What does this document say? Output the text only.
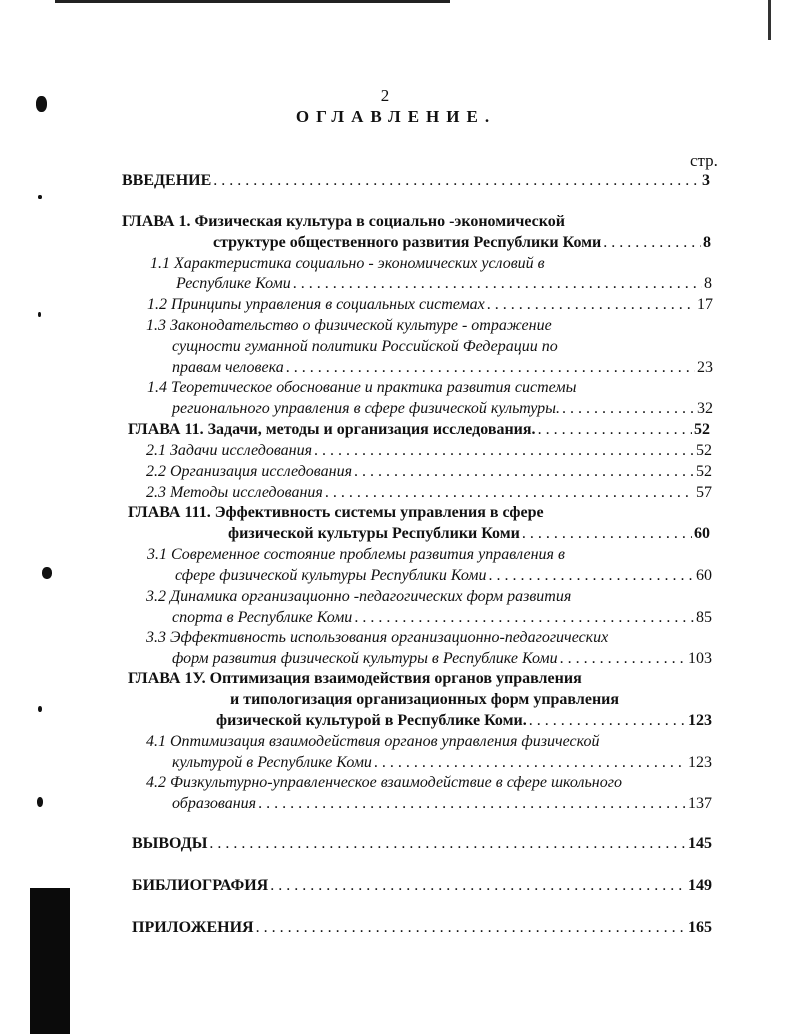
2
ОГЛАВЛЕНИЕ.
стр.
ВВЕДЕНИЕ . . .	3
ГЛАВА 1. Физическая культура в социально -экономической
структуре общественного развития Республики Коми . . .	8
1.1 Характеристика социально - экономических условий в
Республике Коми . . .	8
1.2 Принципы управления в социальных системах . . .	17
1.3 Законодательство о физической культуре - отражение
сущности гуманной политики Российской Федерации по
правам человека . . .	23
1.4 Теоретическое обоснование и практика развития системы
регионального управления в сфере физической культуры. . . .	32
ГЛАВА 11. Задачи, методы и организация исследования. . . .	52
2.1 Задачи исследования . . .	52
2.2 Организация исследования . . .	52
2.3 Методы исследования . . .	57
ГЛАВА 111. Эффективность системы управления в сфере
физической культуры Республики Коми . . .	60
3.1 Современное состояние проблемы развития управления в
сфере физической культуры Республики Коми . . .	60
3.2 Динамика организационно -педагогических форм развития
спорта в Республике Коми . . .	85
3.3 Эффективность использования организационно-педагогических
форм развития физической культуры в Республике Коми . . .	103
ГЛАВА 1У. Оптимизация взаимодействия органов управления
и типологизация организационных форм управления
физической культурой в Республике Коми. . . .	123
4.1 Оптимизация взаимодействия органов управления физической
культурой в Республике Коми . . .	123
4.2 Физкультурно-управленческое взаимодействие в сфере школьного
образования . . .	137
ВЫВОДЫ . . .	145
БИБЛИОГРАФИЯ . . .	149
ПРИЛОЖЕНИЯ . . .	165
